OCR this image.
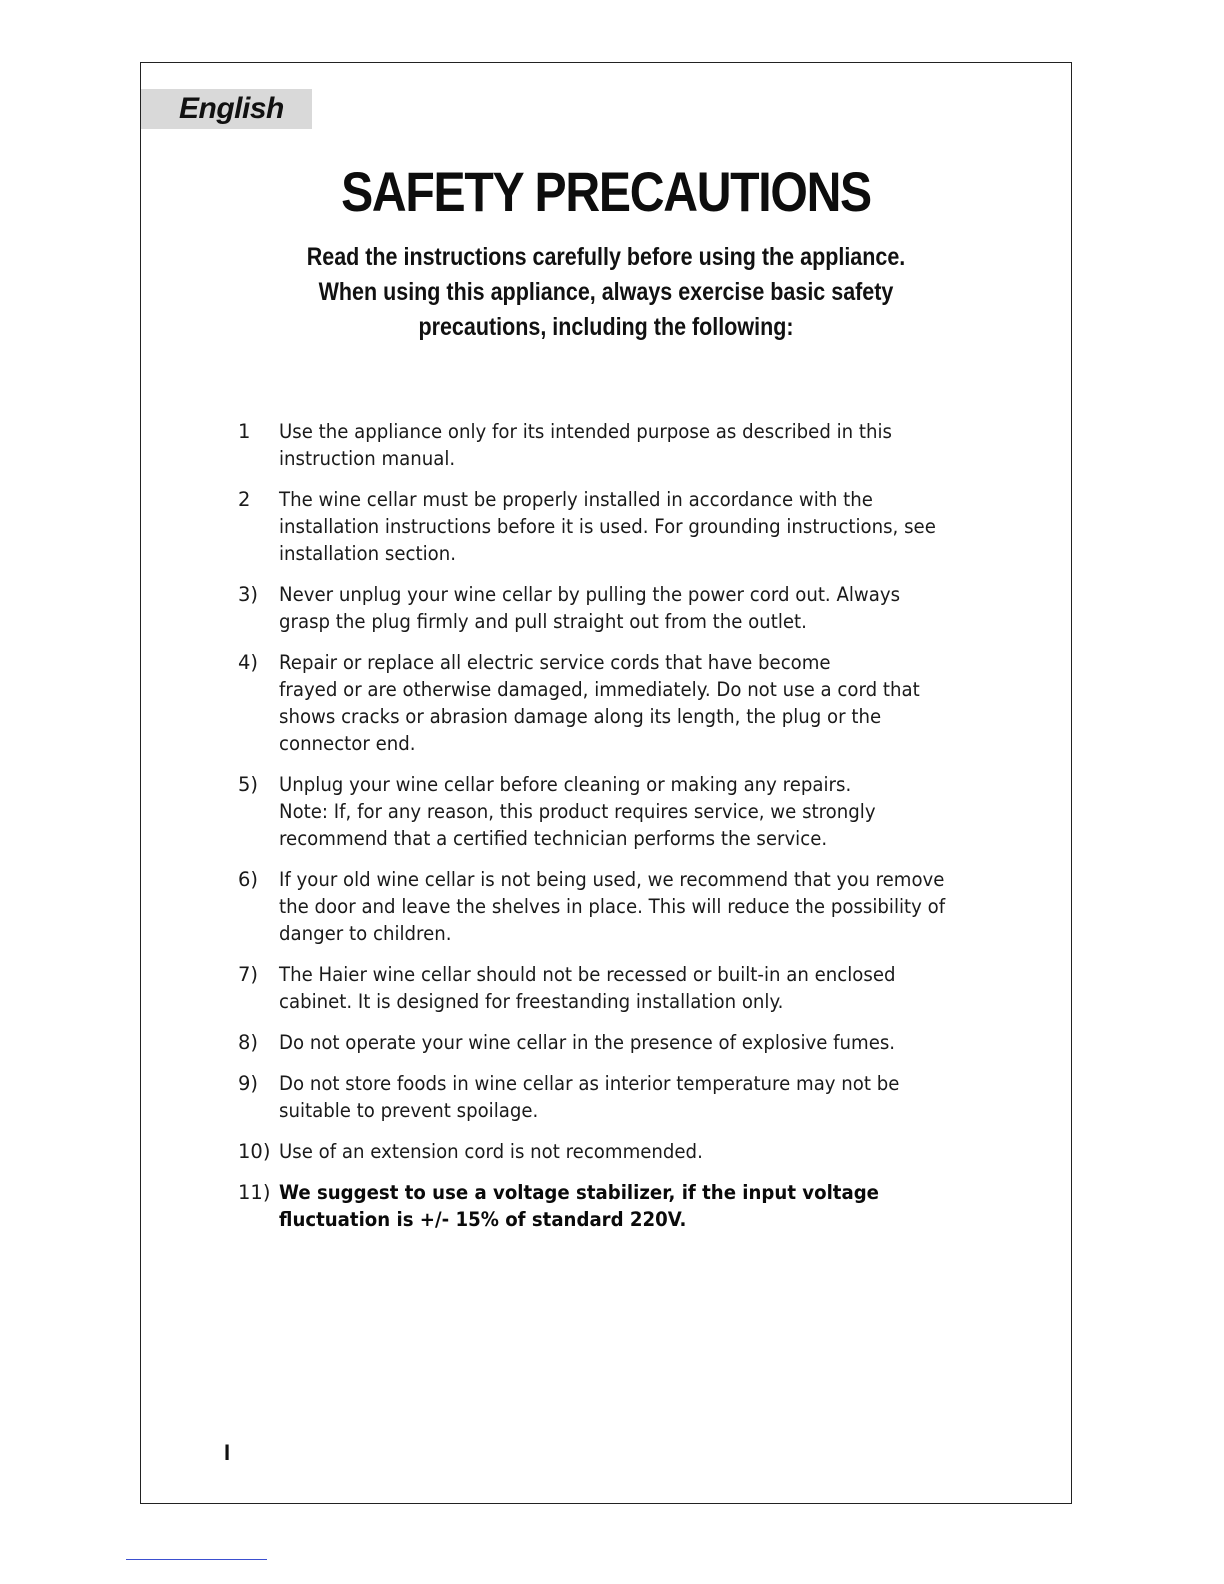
English
SAFETY PRECAUTIONS
Read the instructions carefully before using the appliance.
When using this appliance, always exercise basic safety
precautions, including the following:
1	Use the appliance only for its intended purpose as described in this
instruction manual.
2	The wine cellar must be properly installed in accordance with the
installation instructions before it is used. For grounding instructions, see
installation section.
3)	Never unplug your wine cellar by pulling the power cord out. Always
grasp the plug firmly and pull straight out from the outlet.
4)	Repair or replace all electric service cords that have become
frayed or are otherwise damaged, immediately. Do not use a cord that
shows cracks or abrasion damage along its length, the plug or the
connector end.
5)	Unplug your wine cellar before cleaning or making any repairs.
Note: If, for any reason, this product requires service, we strongly
recommend that a certified technician performs the service.
6)	If your old wine cellar is not being used, we recommend that you remove
the door and leave the shelves in place. This will reduce the possibility of
danger to children.
7)	The Haier wine cellar should not be recessed or built-in an enclosed
cabinet. It is designed for freestanding installation only.
8)	Do not operate your wine cellar in the presence of explosive fumes.
9)	Do not store foods in wine cellar as interior temperature may not be
suitable to prevent spoilage.
10) Use of an extension cord is not recommended.
11) We suggest to use a voltage stabilizer, if the input voltage
fluctuation is +/- 15% of standard 220V.
I
